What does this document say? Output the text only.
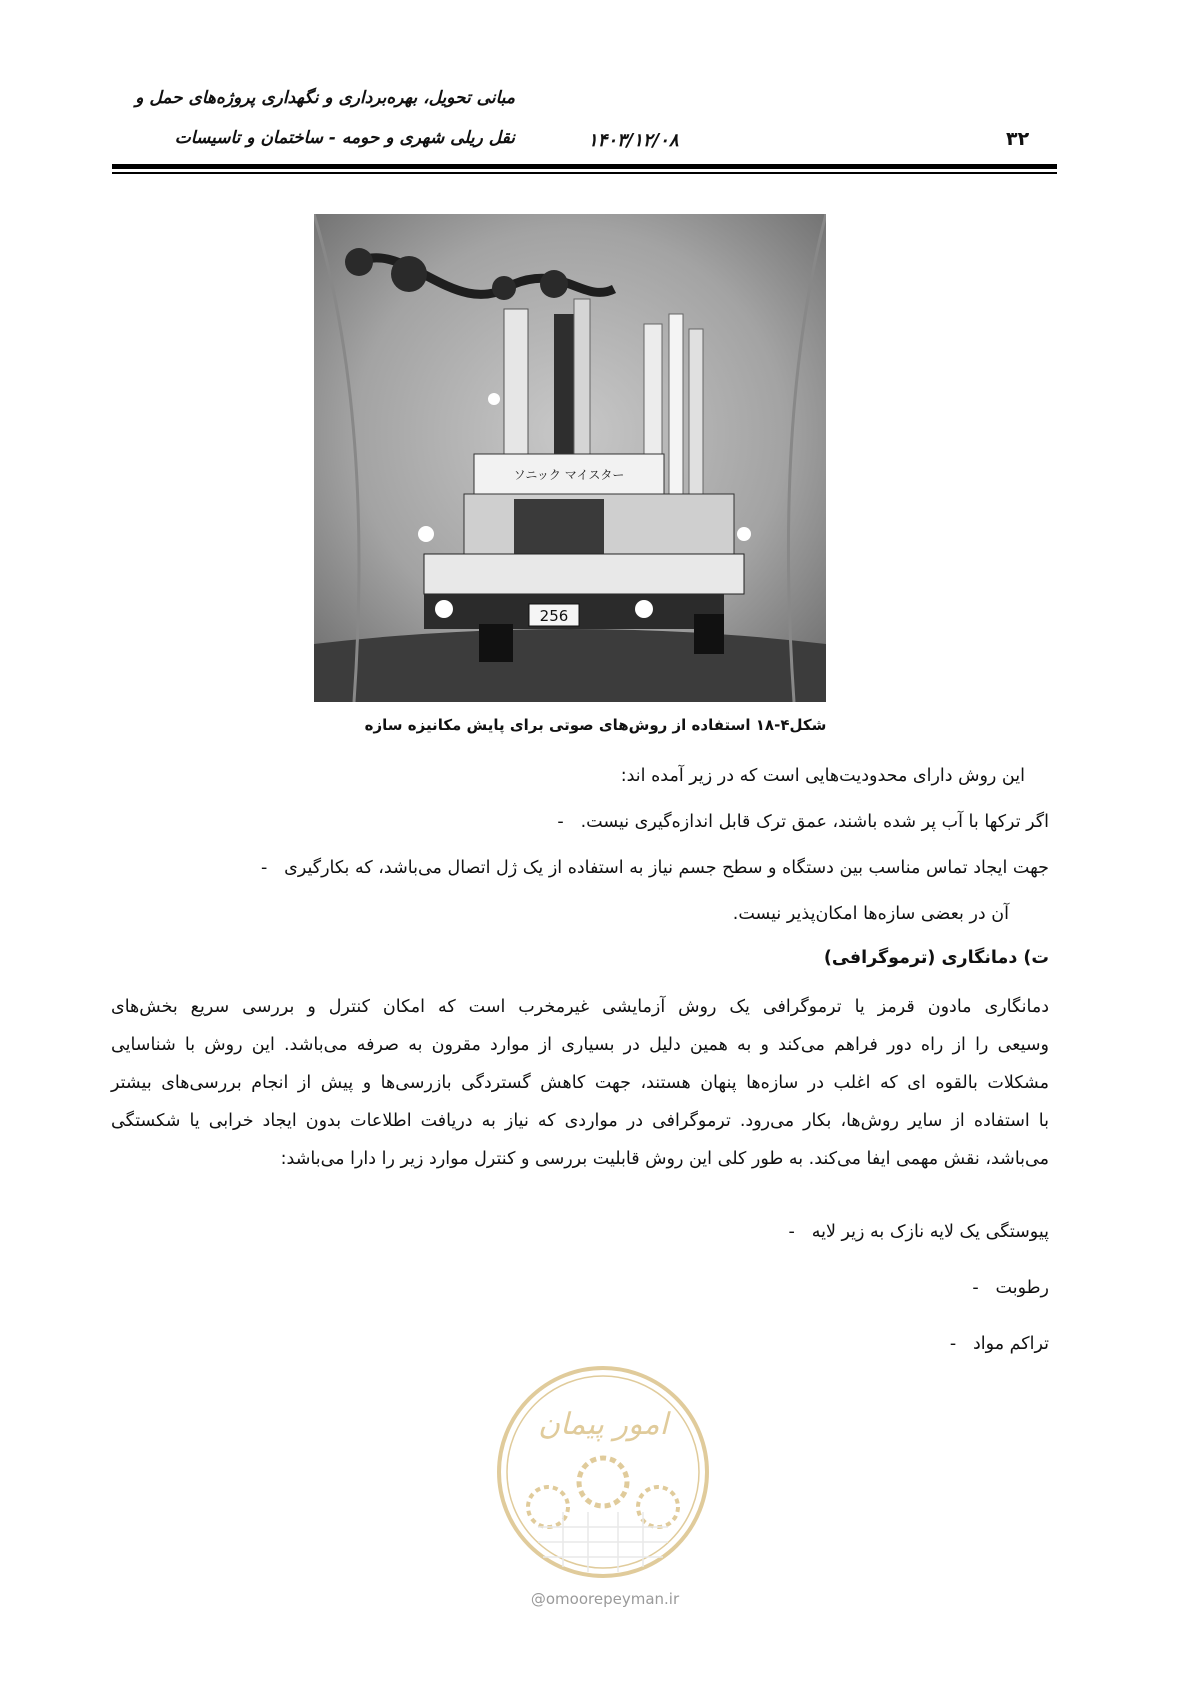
مبانی تحویل، بهره‌برداری و نگهداری پروژه‌های حمل و
نقل ریلی شهری و حومه - ساختمان و تاسیسات	۱۴۰۳/۱۲/۰۸	۳۲
ソニック マイスター
256
شکل۴-۱۸ استفاده از روش‌های صوتی برای پایش مکانیزه سازه
این روش دارای محدودیت‌هایی است که در زیر آمده اند:
اگر ترکها با آب پر شده باشند، عمق ترک قابل اندازه‌گیری نیست.-
جهت ایجاد تماس مناسب بین دستگاه و سطح جسم نیاز به استفاده از یک ژل اتصال می‌باشد، که بکارگیری-
آن در بعضی سازه‌ها امکان‌پذیر نیست.
ت) دمانگاری (ترموگرافی)
دمانگاری مادون قرمز یا ترموگرافی یک روش آزمایشی غیرمخرب است که امکان کنترل و بررسی سریع بخش‌های
وسیعی را از راه دور فراهم می‌کند و به همین دلیل در بسیاری از موارد مقرون به صرفه می‌باشد. این روش با شناسایی
مشکلات بالقوه ای که اغلب در سازه‌ها پنهان هستند، جهت کاهش گستردگی بازرسی‌ها و پیش از انجام بررسی‌های بیشتر
با استفاده از سایر روش‌ها، بکار می‌رود. ترموگرافی در مواردی که نیاز به دریافت اطلاعات بدون ایجاد خرابی یا شکستگی
می‌باشد، نقش مهمی ایفا می‌کند. به طور کلی این روش قابلیت بررسی و کنترل موارد زیر را دارا می‌باشد:
پیوستگی یک لایه نازک به زیر لایه-
رطوبت-
تراکم مواد-
امور پیمان
@omoorepeyman.ir
